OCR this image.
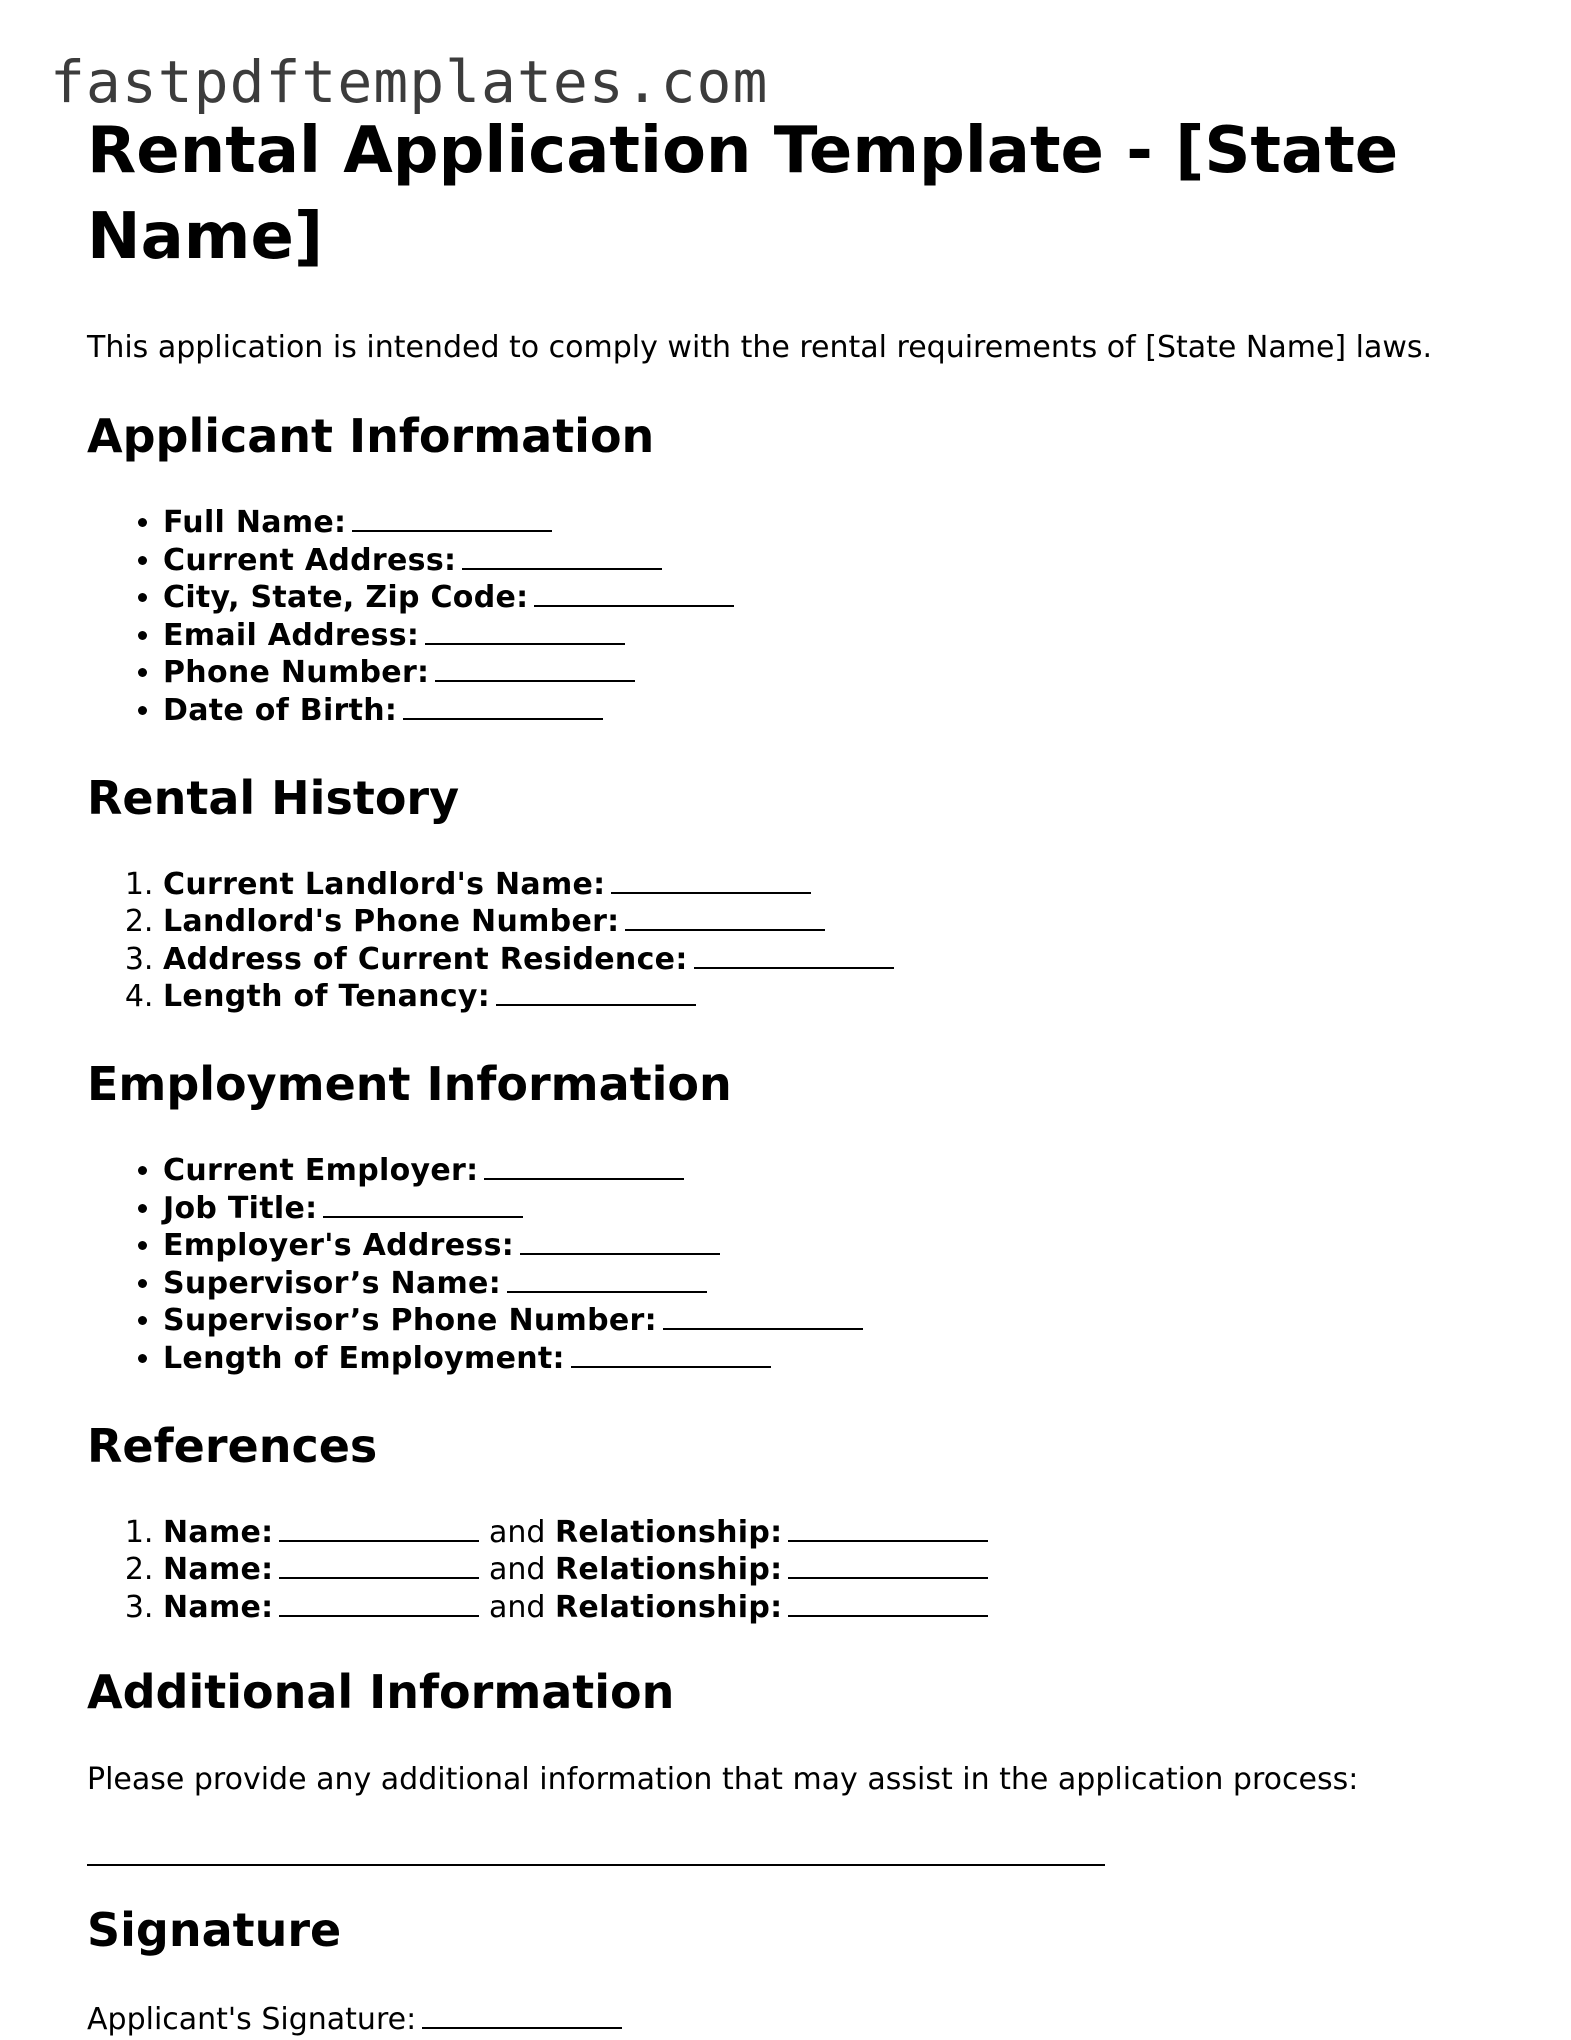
fastpdftemplates.com
Rental Application Template - [State Name]

This application is intended to comply with the rental requirements of [State Name] laws.

Applicant Information
• Full Name:
• Current Address:
• City, State, Zip Code:
• Email Address:
• Phone Number:
• Date of Birth:
Rental History
1. Current Landlord's Name:
2. Landlord's Phone Number:
3. Address of Current Residence:
4. Length of Tenancy:
Employment Information
• Current Employer:
• Job Title:
• Employer's Address:
• Supervisor’s Name:
• Supervisor’s Phone Number:
• Length of Employment:
References
1. Name:	and Relationship:
2. Name:	and Relationship:
3. Name:	and Relationship:
Additional Information

Please provide any additional information that may assist in the application process:

Signature

Applicant's Signature:
